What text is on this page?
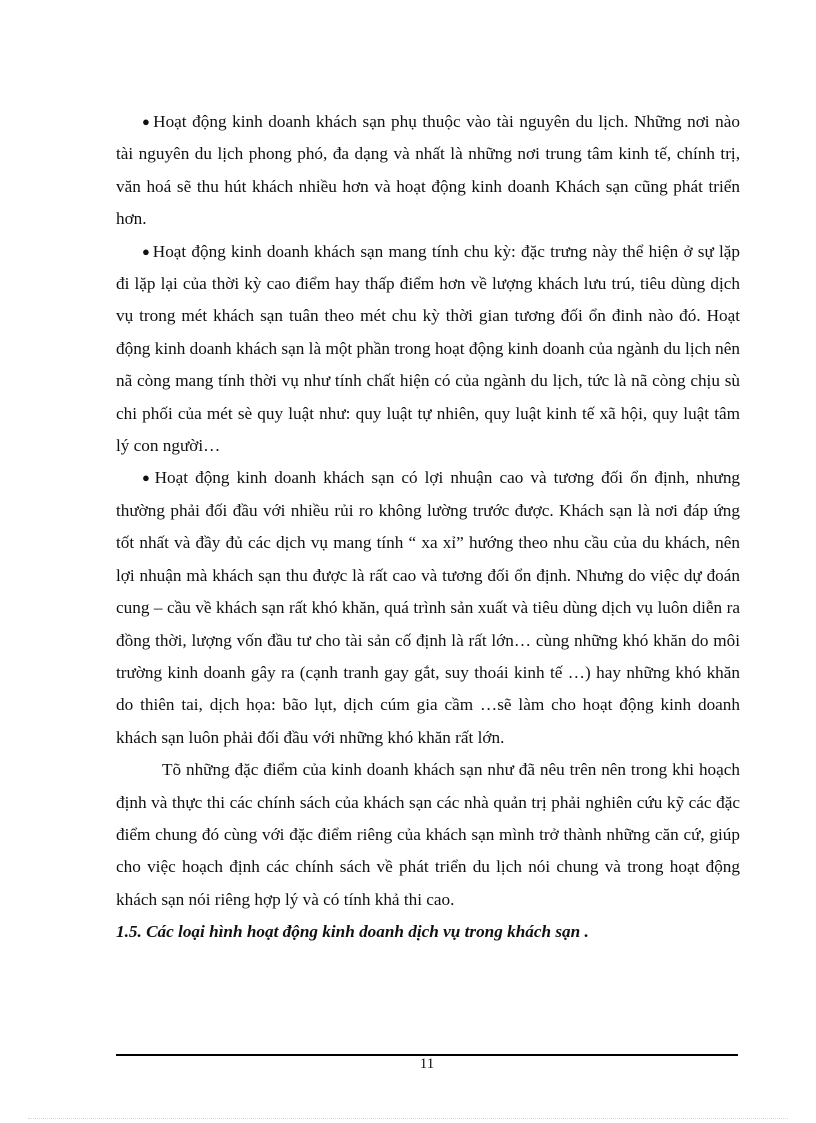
● Hoạt động kinh doanh khách sạn phụ thuộc vào tài nguyên du lịch. Những nơi nào tài nguyên du lịch phong phó, đa dạng và nhất là những nơi trung tâm kinh tế, chính trị, văn hoá sẽ thu hút khách nhiều hơn và hoạt động kinh doanh Khách sạn cũng phát triển hơn.

● Hoạt động kinh doanh khách sạn mang tính chu kỳ: đặc trưng này thể hiện ở sự lặp đi lặp lại của thời kỳ cao điểm hay thấp điểm hơn về lượng khách lưu trú, tiêu dùng dịch vụ trong mét khách sạn tuân theo mét chu kỳ thời gian tương đối ổn đinh nào đó. Hoạt động kinh doanh khách sạn là một phần trong hoạt động kinh doanh của ngành du lịch nên nã còng mang tính thời vụ như tính chất hiện có của ngành du lịch, tức là nã còng chịu sù chi phối của mét sè quy luật như: quy luật tự nhiên, quy luật kinh tế xã hội, quy luật tâm lý con người…

● Hoạt động kinh doanh khách sạn có lợi nhuận cao và tương đối ổn định, nhưng thường phải đối đầu với nhiều rủi ro không lường trước được. Khách sạn là nơi đáp ứng tốt nhất và đầy đủ các dịch vụ mang tính “ xa xỉ” hướng theo nhu cầu của du khách, nên lợi nhuận mà khách sạn thu được là rất cao và tương đối ổn định. Nhưng do việc dự đoán cung – cầu về khách sạn rất khó khăn, quá trình sản xuất và tiêu dùng dịch vụ luôn diễn ra đồng thời, lượng vốn đầu tư cho tài sản cố định là rất lớn… cùng những khó khăn do môi trường kinh doanh gây ra (cạnh tranh gay gắt, suy thoái kinh tế …) hay những khó khăn do thiên tai, dịch họa: bão lụt, dịch cúm gia cầm …sẽ làm cho hoạt động kinh doanh khách sạn luôn phải đối đầu với những khó khăn rất lớn.

Tõ những đặc điểm của kinh doanh khách sạn như đã nêu trên nên trong khi hoạch định và thực thi các chính sách của khách sạn các nhà quản trị phải nghiên cứu kỹ các đặc điểm chung đó cùng với đặc điểm riêng của khách sạn mình trở thành những căn cứ, giúp cho việc hoạch định các chính sách về phát triển du lịch nói chung và trong hoạt động khách sạn nói riêng hợp lý và có tính khả thi cao.

1.5. Các loại hình hoạt động kinh doanh dịch vụ trong khách sạn .

11
